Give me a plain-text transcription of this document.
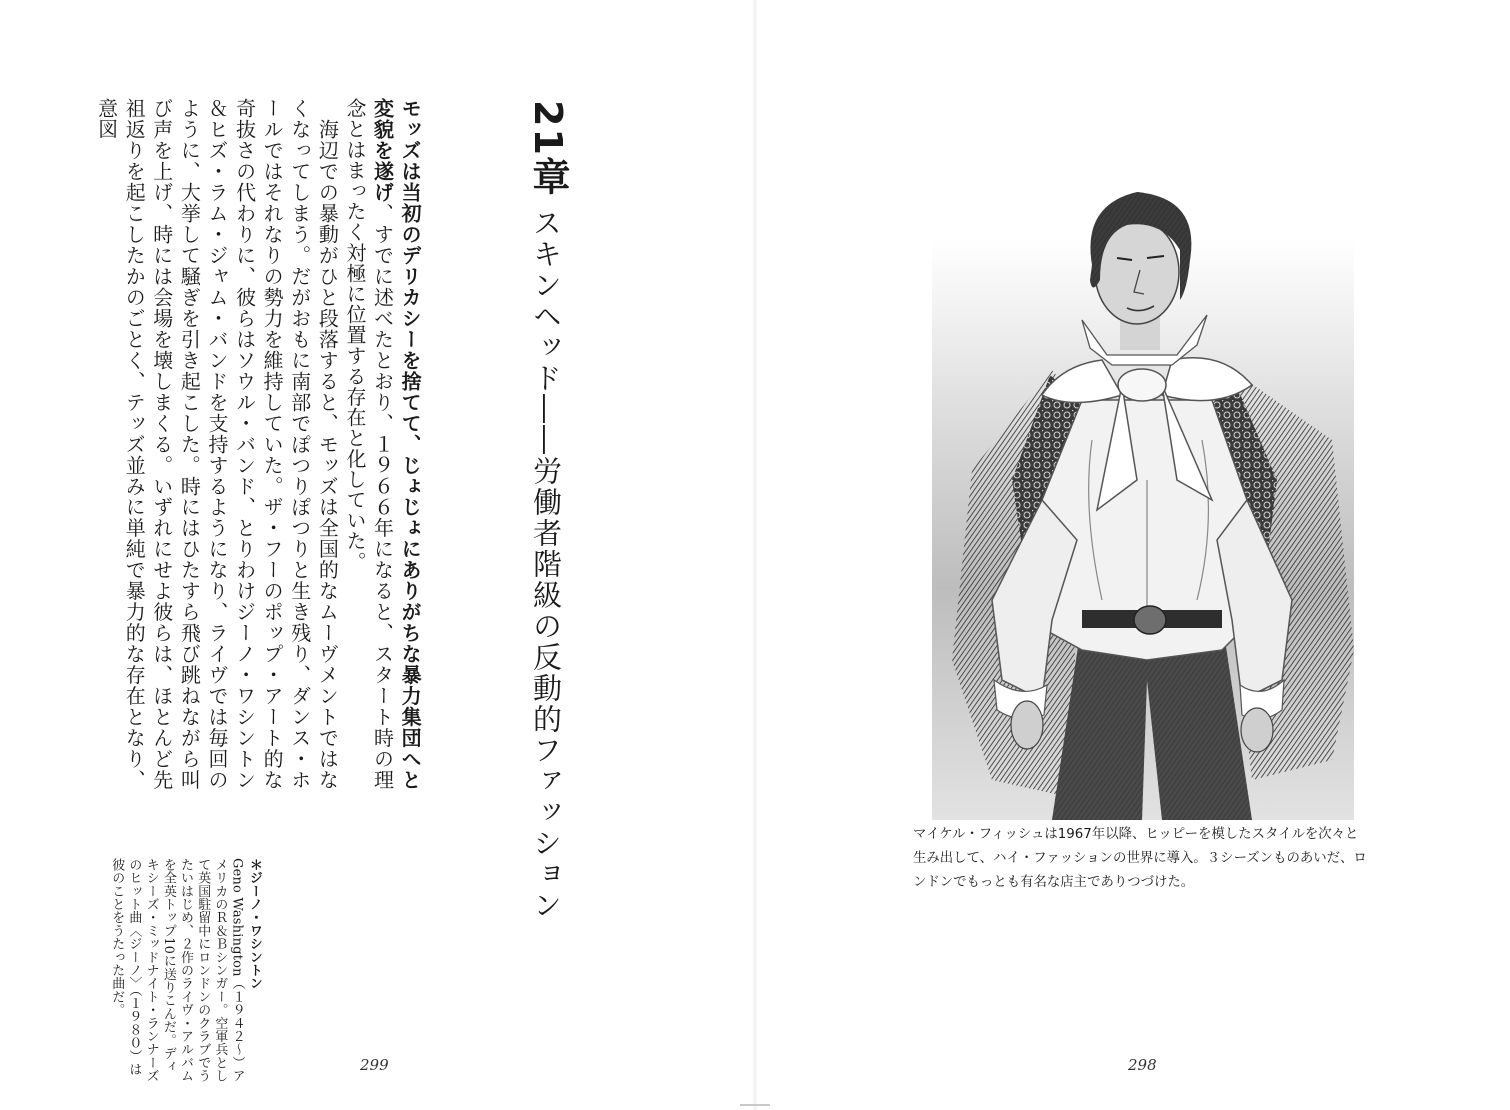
21章
スキンヘッド――労働者階級の反動的ファッション

モッズは当初のデリカシーを捨てて、じょじょにありがちな暴力集団へと変貌を遂げ、すでに述べたとおり、１９６６年になると、スタート時の理念とはまったく対極に位置する存在と化していた。

　海辺での暴動がひと段落すると、モッズは全国的なムーヴメントではなくなってしまう。だがおもに南部でぽつりぽつりと生き残り、ダンス・ホールではそれなりの勢力を維持していた。ザ・フーのポップ・アート的な奇抜さの代わりに、彼らはソウル・バンド、とりわけジーノ・ワシントン＆ヒズ・ラム・ジャム・バンドを支持するようになり、ライヴでは毎回のように、大挙して騒ぎを引き起こした。時にはひたすら飛び跳ねながら叫び声を上げ、時には会場を壊しまくる。いずれにせよ彼らは、ほとんど先祖返りを起こしたかのごとく、テッズ並みに単純で暴力的な存在となり、意図

＊ジーノ・ワシントン
Geno Washington（１９４２〜）アメリカのＲ＆Ｂシンガー。空軍兵として英国駐留中にロンドンのクラブでうたいはじめ、２作のライヴ・アルバムを全英トップ10に送りこんだ。ディキシーズ・ミッドナイト・ランナーズのヒット曲〈ジーノ〉（１９８０）は彼のことをうたった曲だ。
299
マイケル・フィッシュは1967年以降、ヒッピーを模したスタイルを次々と
生み出して、ハイ・ファッションの世界に導入。３シーズンものあいだ、ロ
ンドンでもっとも有名な店主でありつづけた。
298
